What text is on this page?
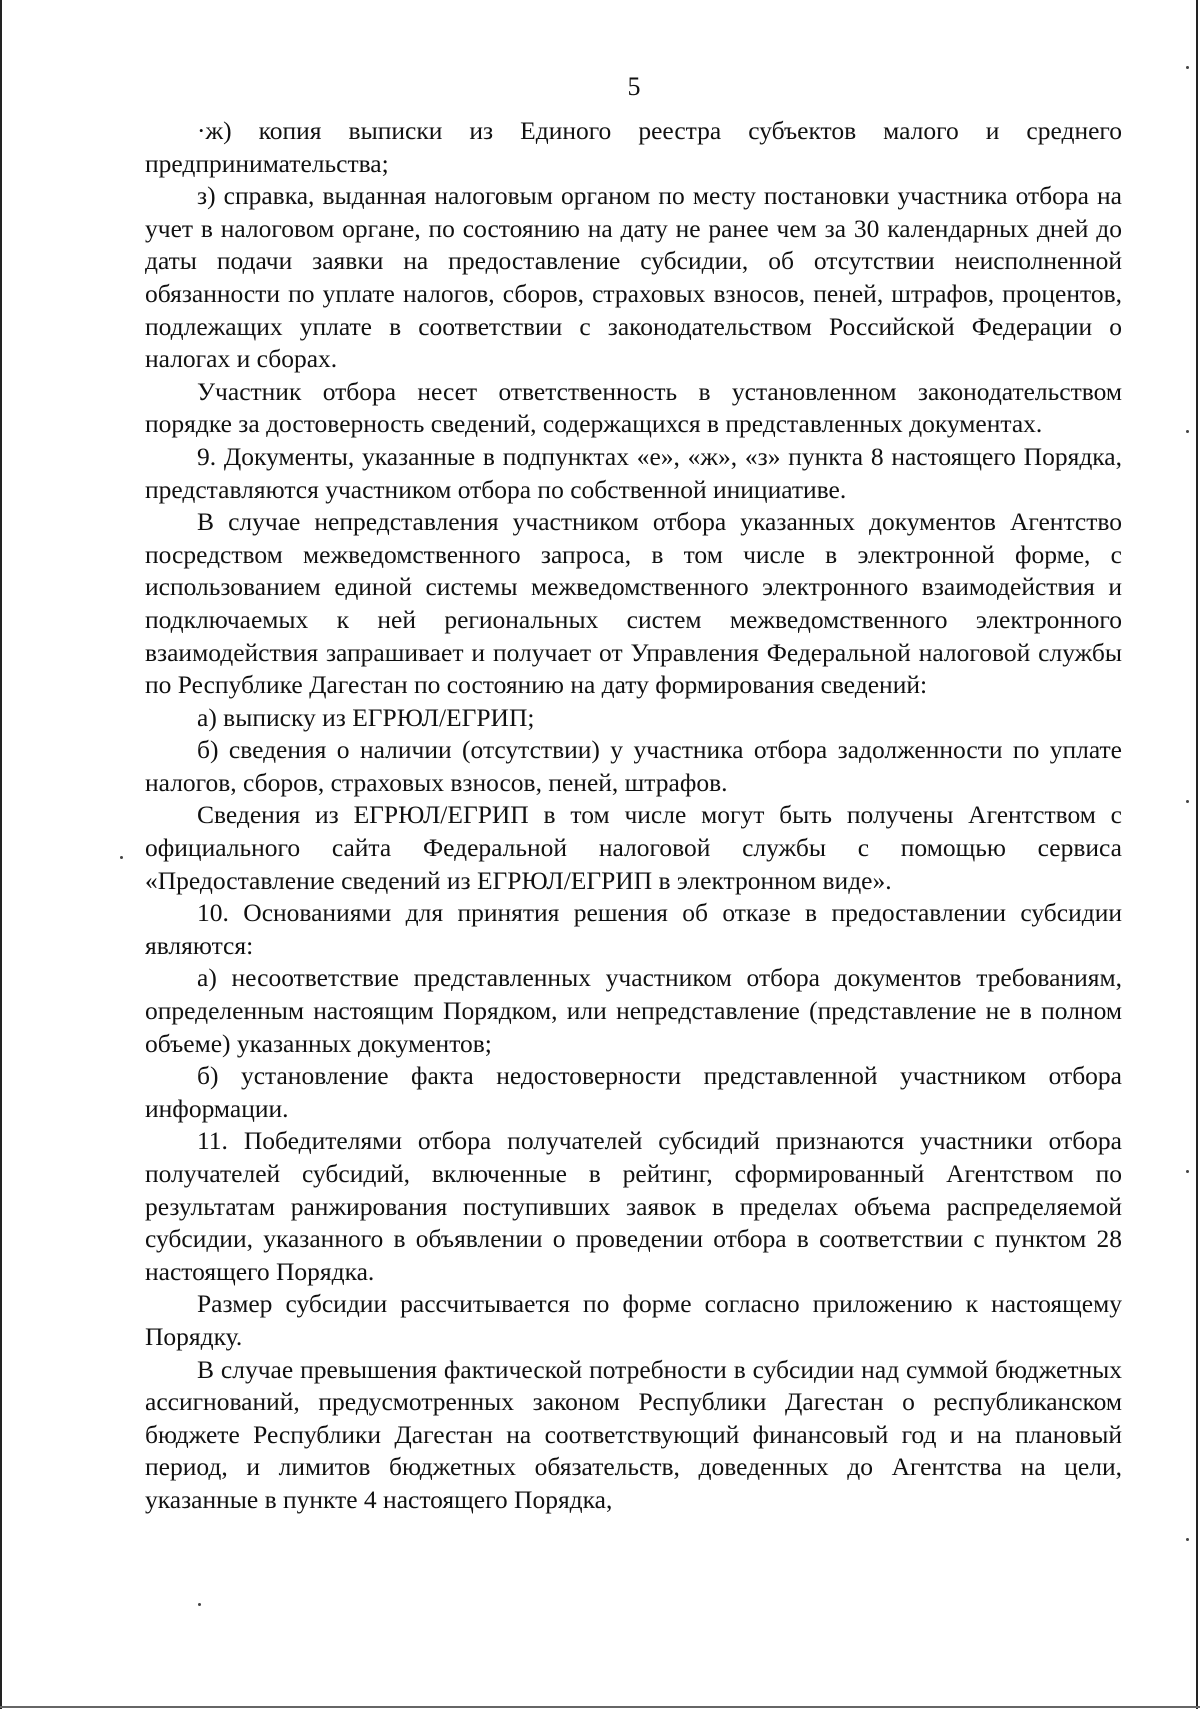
5

·ж) копия выписки из Единого реестра субъектов малого и среднего предпринимательства;

з) справка, выданная налоговым органом по месту постановки участника отбора на учет в налоговом органе, по состоянию на дату не ранее чем за 30 календарных дней до даты подачи заявки на предоставление субсидии, об отсутствии неисполненной обязанности по уплате налогов, сборов, страховых взносов, пеней, штрафов, процентов, подлежащих уплате в соответствии с законодательством Российской Федерации о налогах и сборах.

Участник отбора несет ответственность в установленном законодательством порядке за достоверность сведений, содержащихся в представленных документах.

9. Документы, указанные в подпунктах «е», «ж», «з» пункта 8 настоящего Порядка, представляются участником отбора по собственной инициативе.

В случае непредставления участником отбора указанных документов Агентство посредством межведомственного запроса, в том числе в электронной форме, с использованием единой системы межведомственного электронного взаимодействия и подключаемых к ней региональных систем межведомственного электронного взаимодействия запрашивает и получает от Управления Федеральной налоговой службы по Республике Дагестан по состоянию на дату формирования сведений:

а) выписку из ЕГРЮЛ/ЕГРИП;

б) сведения о наличии (отсутствии) у участника отбора задолженности по уплате налогов, сборов, страховых взносов, пеней, штрафов.

Сведения из ЕГРЮЛ/ЕГРИП в том числе могут быть получены Агентством с официального сайта Федеральной налоговой службы с помощью сервиса «Предоставление сведений из ЕГРЮЛ/ЕГРИП в электронном виде».

10. Основаниями для принятия решения об отказе в предоставлении субсидии являются:

а) несоответствие представленных участником отбора документов требованиям, определенным настоящим Порядком, или непредставление (представление не в полном объеме) указанных документов;

б) установление факта недостоверности представленной участником отбора информации.

11. Победителями отбора получателей субсидий признаются участники отбора получателей субсидий, включенные в рейтинг, сформированный Агентством по результатам ранжирования поступивших заявок в пределах объема распределяемой субсидии, указанного в объявлении о проведении отбора в соответствии с пунктом 28 настоящего Порядка.

Размер субсидии рассчитывается по форме согласно приложению к настоящему Порядку.

В случае превышения фактической потребности в субсидии над суммой бюджетных ассигнований, предусмотренных законом Республики Дагестан о республиканском бюджете Республики Дагестан на соответствующий финансовый год и на плановый период, и лимитов бюджетных обязательств, доведенных до Агентства на цели, указанные в пункте 4 настоящего Порядка,
